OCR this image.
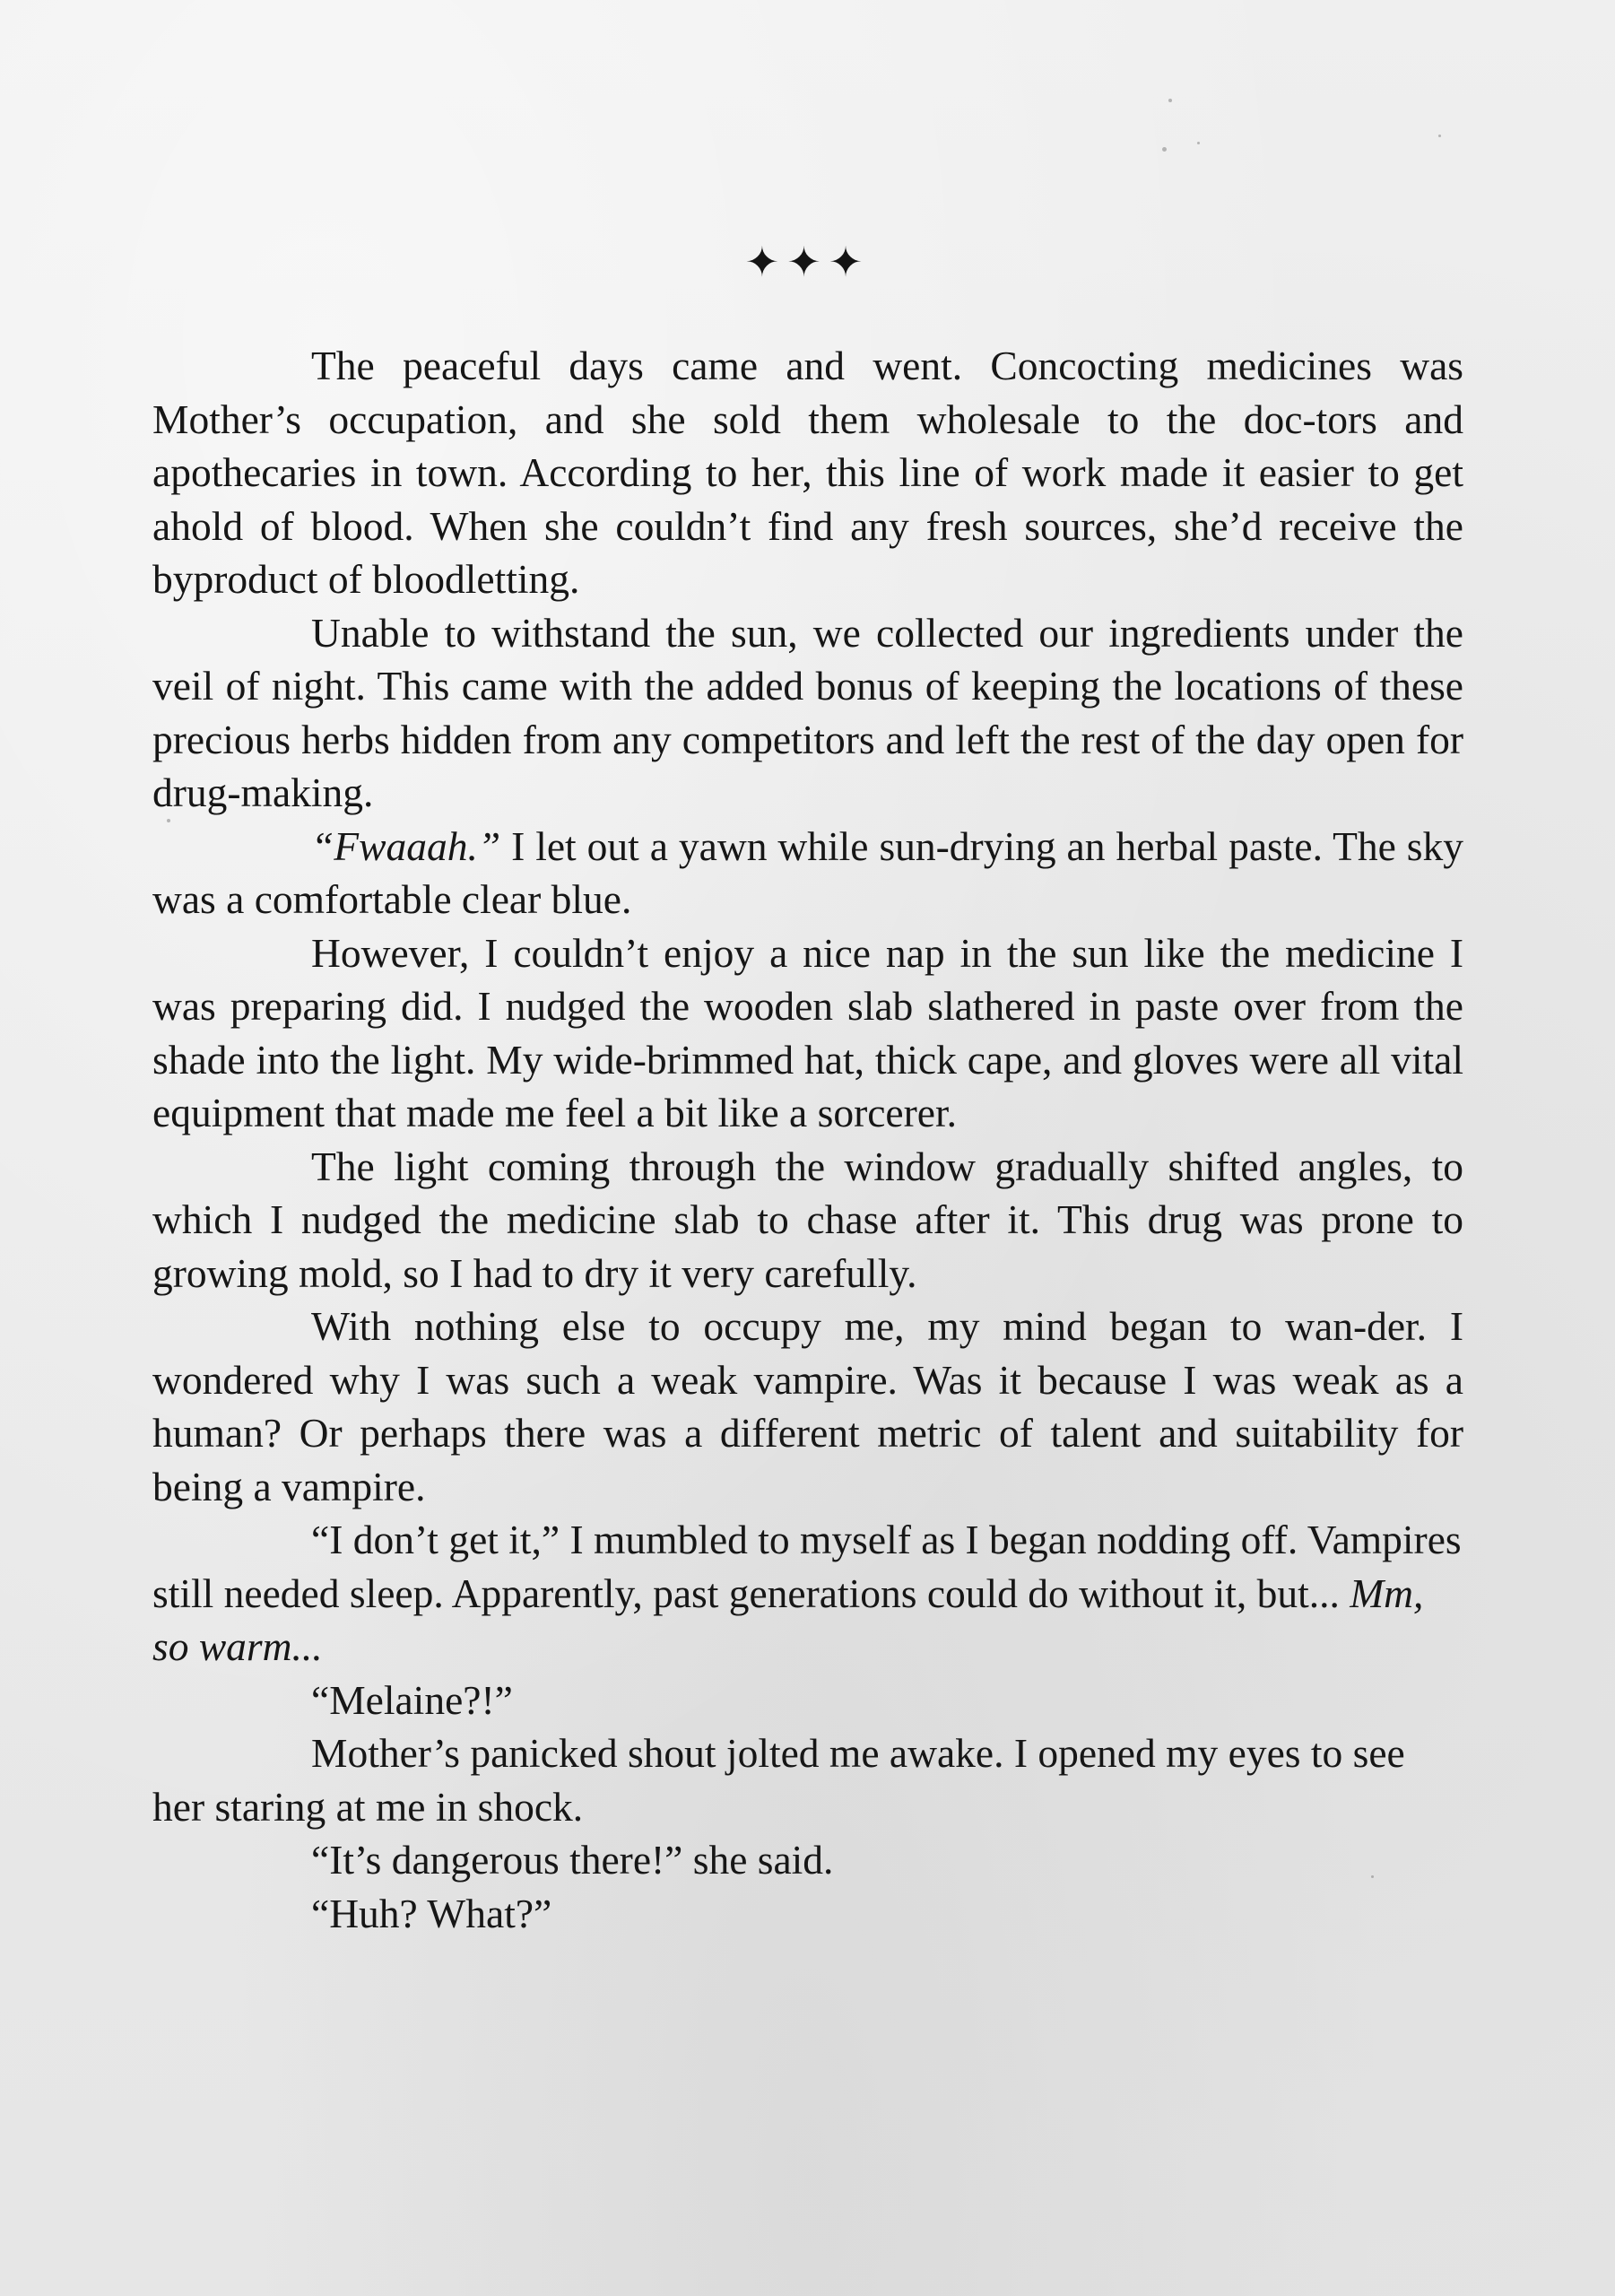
✦✦✦

The peaceful days came and went. Concocting medicines was Mother’s occupation, and she sold them wholesale to the doc-tors and apothecaries in town. According to her, this line of work made it easier to get ahold of blood. When she couldn’t find any fresh sources, she’d receive the byproduct of bloodletting.

Unable to withstand the sun, we collected our ingredients under the veil of night. This came with the added bonus of keeping the locations of these precious herbs hidden from any competitors and left the rest of the day open for drug-making.

“Fwaaah.” I let out a yawn while sun-drying an herbal paste. The sky was a comfortable clear blue.

However, I couldn’t enjoy a nice nap in the sun like the medicine I was preparing did. I nudged the wooden slab slathered in paste over from the shade into the light. My wide-brimmed hat, thick cape, and gloves were all vital equipment that made me feel a bit like a sorcerer.

The light coming through the window gradually shifted angles, to which I nudged the medicine slab to chase after it. This drug was prone to growing mold, so I had to dry it very carefully.

With nothing else to occupy me, my mind began to wan-der. I wondered why I was such a weak vampire. Was it because I was weak as a human? Or perhaps there was a different metric of talent and suitability for being a vampire.

“I don’t get it,” I mumbled to myself as I began nodding off. Vampires still needed sleep. Apparently, past generations could do without it, but... Mm, so warm...

“Melaine?!”

Mother’s panicked shout jolted me awake. I opened my eyes to see her staring at me in shock.

“It’s dangerous there!” she said.

“Huh? What?”
